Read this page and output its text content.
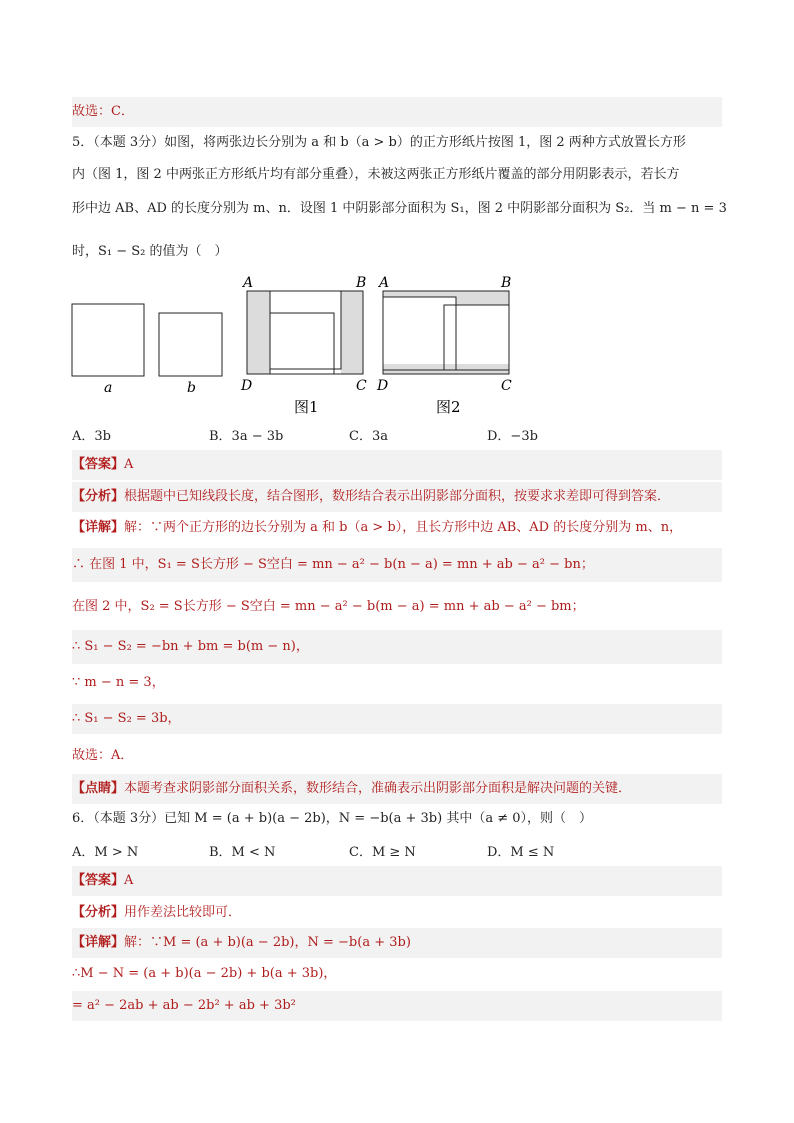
故选：C．
5．（本题 3分）如图，将两张边长分别为 a 和 b（a > b）的正方形纸片按图 1，图 2 两种方式放置长方形
内（图 1，图 2 中两张正方形纸片均有部分重叠），未被这两张正方形纸片覆盖的部分用阴影表示，若长方
形中边 AB、AD 的长度分别为 m、n．设图 1 中阴影部分面积为 S₁，图 2 中阴影部分面积为 S₂．当 m − n = 3
时，S₁ − S₂ 的值为（　）
a	b
A	B
D	C
图1
A	B
D	C
图2
A．3b	B．3a − 3b	C．3a	D．−3b
【答案】A
【分析】根据题中已知线段长度，结合图形，数形结合表示出阴影部分面积，按要求求差即可得到答案．
【详解】解：∵两个正方形的边长分别为 a 和 b（a > b），且长方形中边 AB、AD 的长度分别为 m、n，
∴ 在图 1 中，S₁ = S长方形 − S空白 = mn − a² − b(n − a) = mn + ab − a² − bn；
在图 2 中，S₂ = S长方形 − S空白 = mn − a² − b(m − a) = mn + ab − a² − bm；
∴ S₁ − S₂ = −bn + bm = b(m − n)，
∵ m − n = 3，
∴ S₁ − S₂ = 3b，
故选：A．
【点睛】本题考查求阴影部分面积关系，数形结合，准确表示出阴影部分面积是解决问题的关键．
6．（本题 3分）已知 M = (a + b)(a − 2b)，N = −b(a + 3b) 其中（a ≠ 0），则（　）
A．M > N	B．M < N	C．M ≥ N	D．M ≤ N
【答案】A
【分析】用作差法比较即可．
【详解】解：∵M = (a + b)(a − 2b)，N = −b(a + 3b)
∴M − N = (a + b)(a − 2b) + b(a + 3b)，
= a² − 2ab + ab − 2b² + ab + 3b²
